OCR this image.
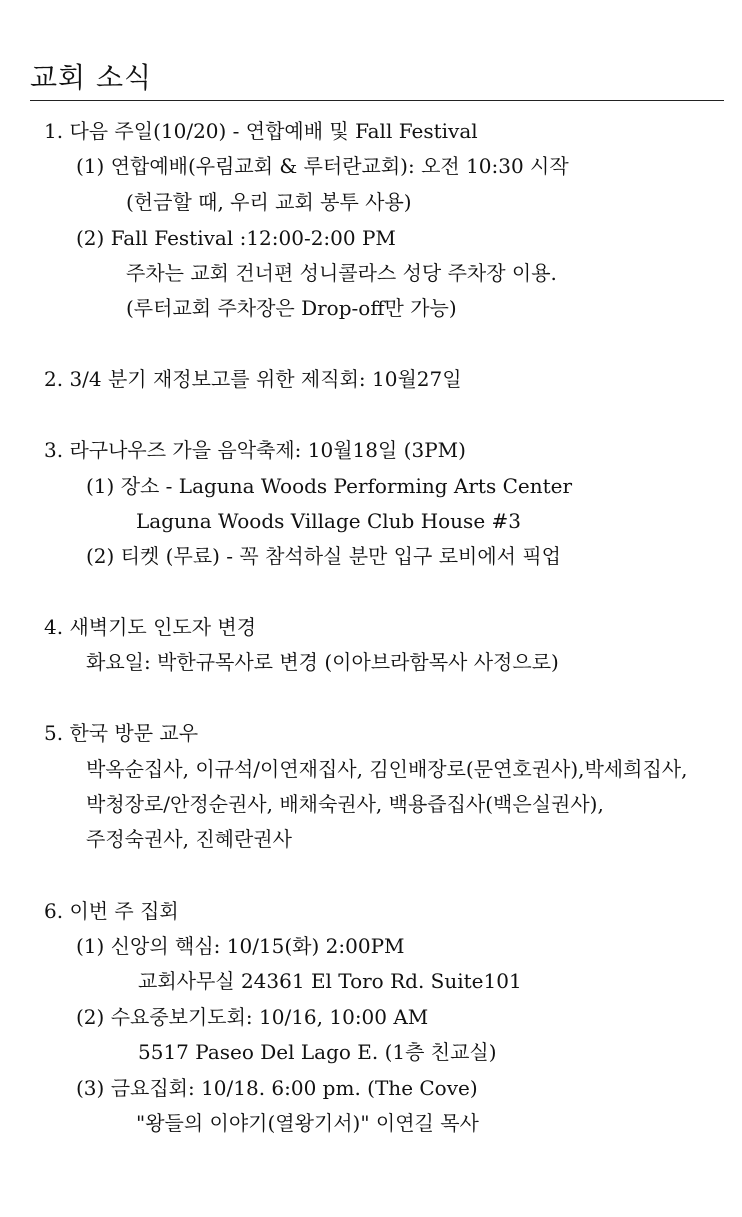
교회 소식
1. 다음 주일(10/20) - 연합예배 및 Fall Festival
(1) 연합예배(우림교회 & 루터란교회): 오전 10:30 시작
(헌금할 때, 우리 교회 봉투 사용)
(2) Fall Festival :12:00-2:00 PM
주차는 교회 건너편 성니콜라스 성당 주차장 이용.
(루터교회 주차장은 Drop-off만 가능)
2. 3/4 분기 재정보고를 위한 제직회: 10월27일
3. 라구나우즈 가을 음악축제: 10월18일 (3PM)
(1) 장소 - Laguna Woods Performing Arts Center
Laguna Woods Village Club House #3
(2) 티켓 (무료) - 꼭 참석하실 분만 입구 로비에서 픽업
4. 새벽기도 인도자 변경
화요일: 박한규목사로 변경 (이아브라함목사 사정으로)
5. 한국 방문 교우
박옥순집사, 이규석/이연재집사, 김인배장로(문연호권사),박세희집사,
박청장로/안정순권사, 배채숙권사, 백용즙집사(백은실권사),
주정숙권사, 진혜란권사
6. 이번 주 집회
(1) 신앙의 핵심: 10/15(화) 2:00PM
교회사무실 24361 El Toro Rd. Suite101
(2) 수요중보기도회: 10/16, 10:00 AM
5517 Paseo Del Lago E. (1층 친교실)
(3) 금요집회: 10/18. 6:00 pm. (The Cove)
"왕들의 이야기(열왕기서)" 이연길 목사
